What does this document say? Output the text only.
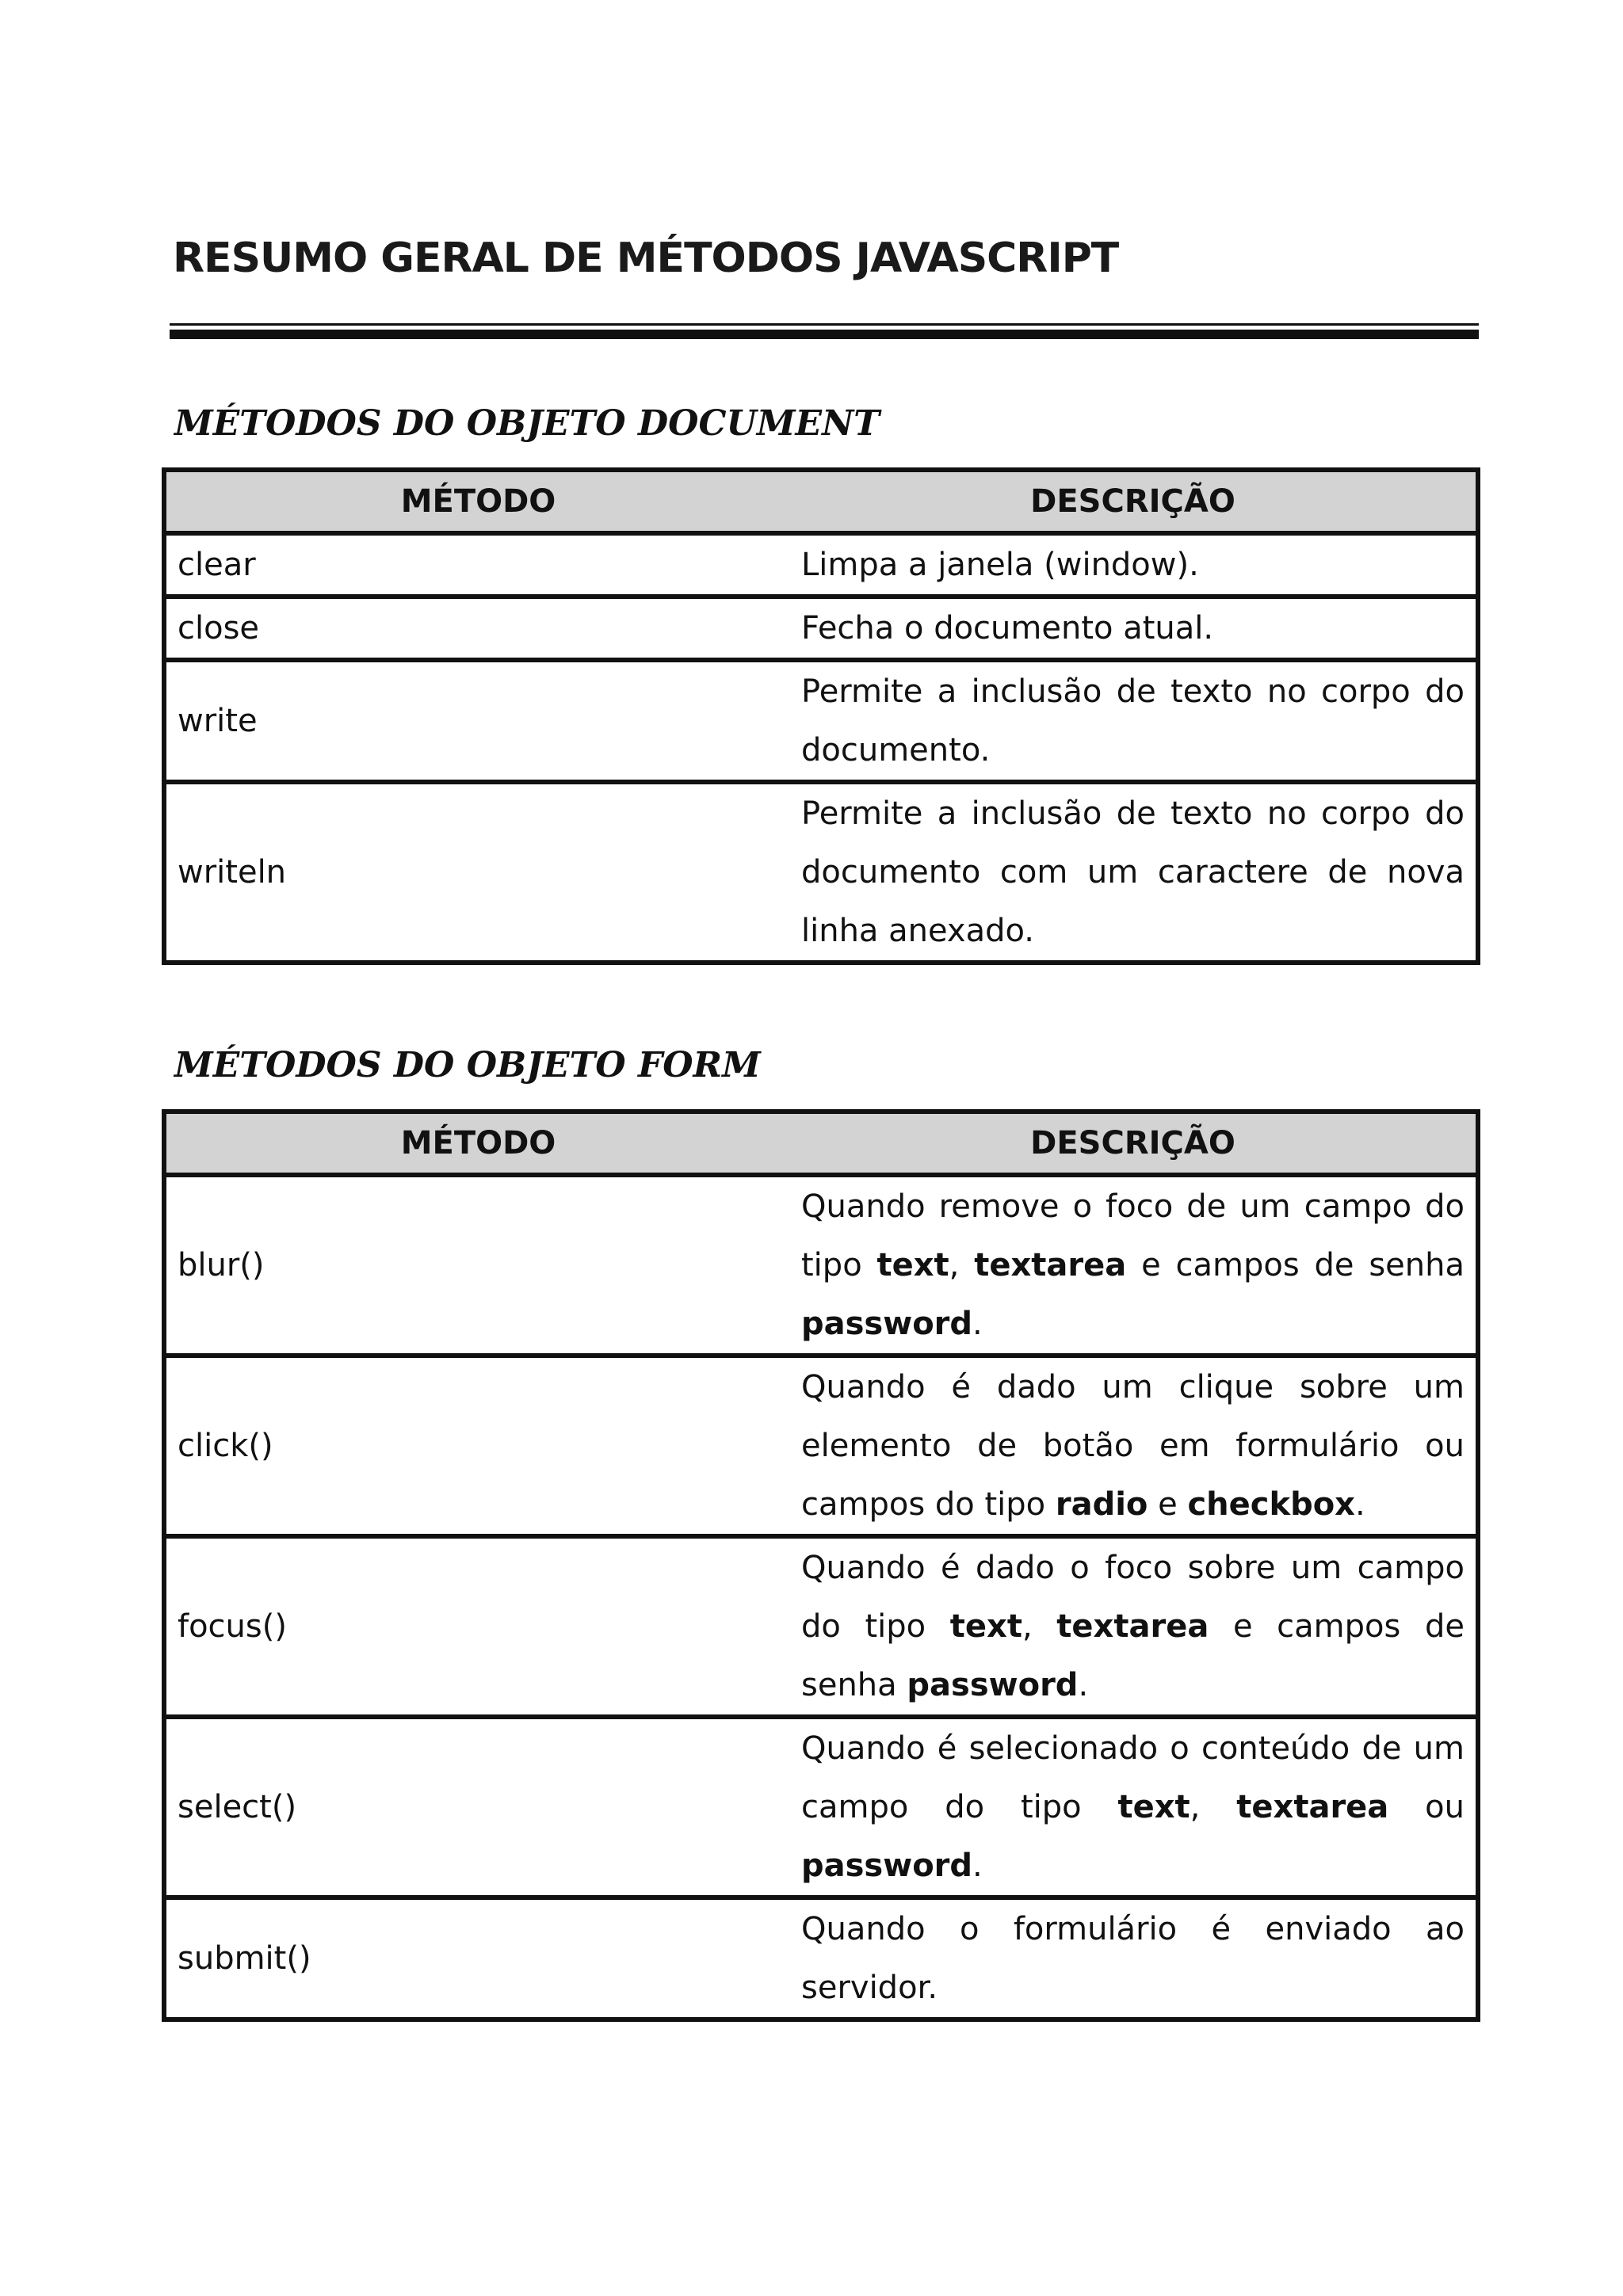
RESUMO GERAL DE MÉTODOS JAVASCRIPT
MÉTODOS DO OBJETO DOCUMENT
MÉTODO	DESCRIÇÃO
clear	Limpa a janela (window).
close	Fecha o documento atual.
write	Permite a inclusão de texto no corpo do documento.
writeln	Permite a inclusão de texto no corpo do documento com um caractere de nova linha anexado.
MÉTODOS DO OBJETO FORM
MÉTODO	DESCRIÇÃO
blur()	Quando remove o foco de um campo do tipo text, textarea e campos de senha password.
click()	Quando é dado um clique sobre um elemento de botão em formulário ou campos do tipo radio e checkbox.
focus()	Quando é dado o foco sobre um campo do tipo text, textarea e campos de senha password.
select()	Quando é selecionado o conteúdo de um campo do tipo text, textarea ou password.
submit()	Quando o formulário é enviado ao servidor.
